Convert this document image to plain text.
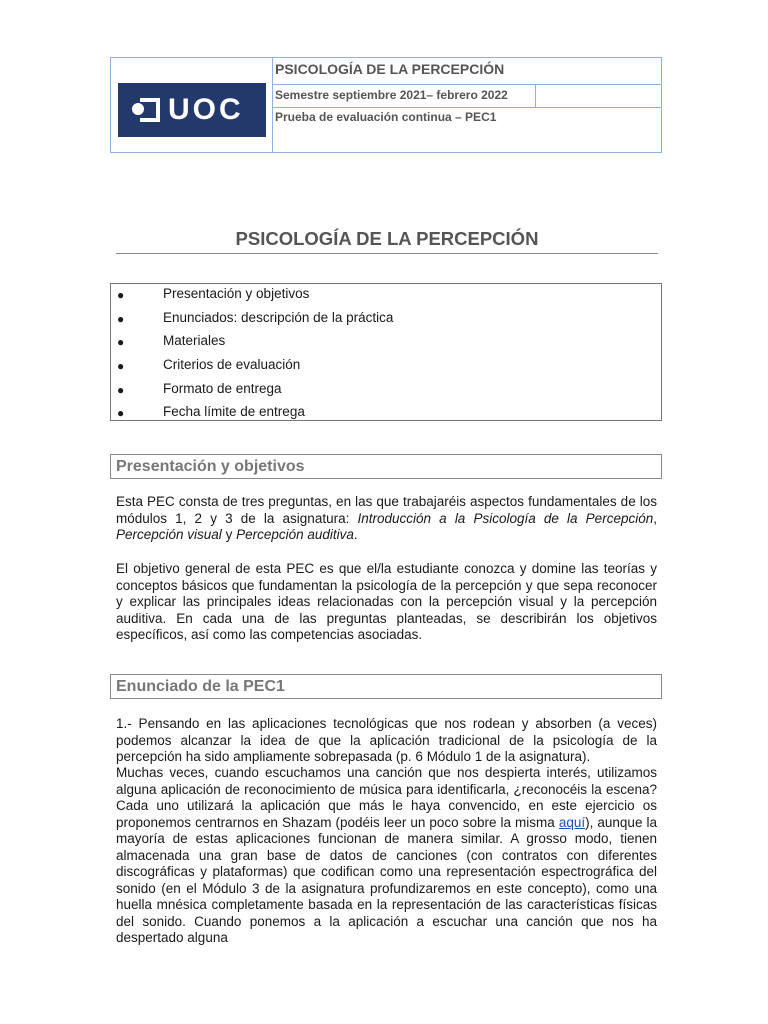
UOC
PSICOLOGÍA DE LA PERCEPCIÓN
Semestre septiembre 2021– febrero 2022
Prueba de evaluación continua – PEC1
PSICOLOGÍA DE LA PERCEPCIÓN
●	Presentación y objetivos
●	Enunciados: descripción de la práctica
●	Materiales
●	Criterios de evaluación
●	Formato de entrega
●	Fecha límite de entrega
Presentación y objetivos

Esta PEC consta de tres preguntas, en las que trabajaréis aspectos fundamentales de los módulos 1, 2 y 3 de la asignatura: Introducción a la Psicología de la Percepción, Percepción visual y Percepción auditiva.

El objetivo general de esta PEC es que el/la estudiante conozca y domine las teorías y conceptos básicos que fundamentan la psicología de la percepción y que sepa reconocer y explicar las principales ideas relacionadas con la percepción visual y la percepción auditiva. En cada una de las preguntas planteadas, se describirán los objetivos específicos, así como las competencias asociadas.

Enunciado de la PEC1

1.- Pensando en las aplicaciones tecnológicas que nos rodean y absorben (a veces) podemos alcanzar la idea de que la aplicación tradicional de la psicología de la percepción ha sido ampliamente sobrepasada (p. 6 Módulo 1 de la asignatura).

Muchas veces, cuando escuchamos una canción que nos despierta interés, utilizamos alguna aplicación de reconocimiento de música para identificarla, ¿reconocéis la escena? Cada uno utilizará la aplicación que más le haya convencido, en este ejercicio os proponemos centrarnos en Shazam (podéis leer un poco sobre la misma aquí), aunque la mayoría de estas aplicaciones funcionan de manera similar. A grosso modo, tienen almacenada una gran base de datos de canciones (con contratos con diferentes discográficas y plataformas) que codifican como una representación espectrográfica del sonido (en el Módulo 3 de la asignatura profundizaremos en este concepto), como una huella mnésica completamente basada en la representación de las características físicas del sonido. Cuando ponemos a la aplicación a escuchar una canción que nos ha despertado alguna
